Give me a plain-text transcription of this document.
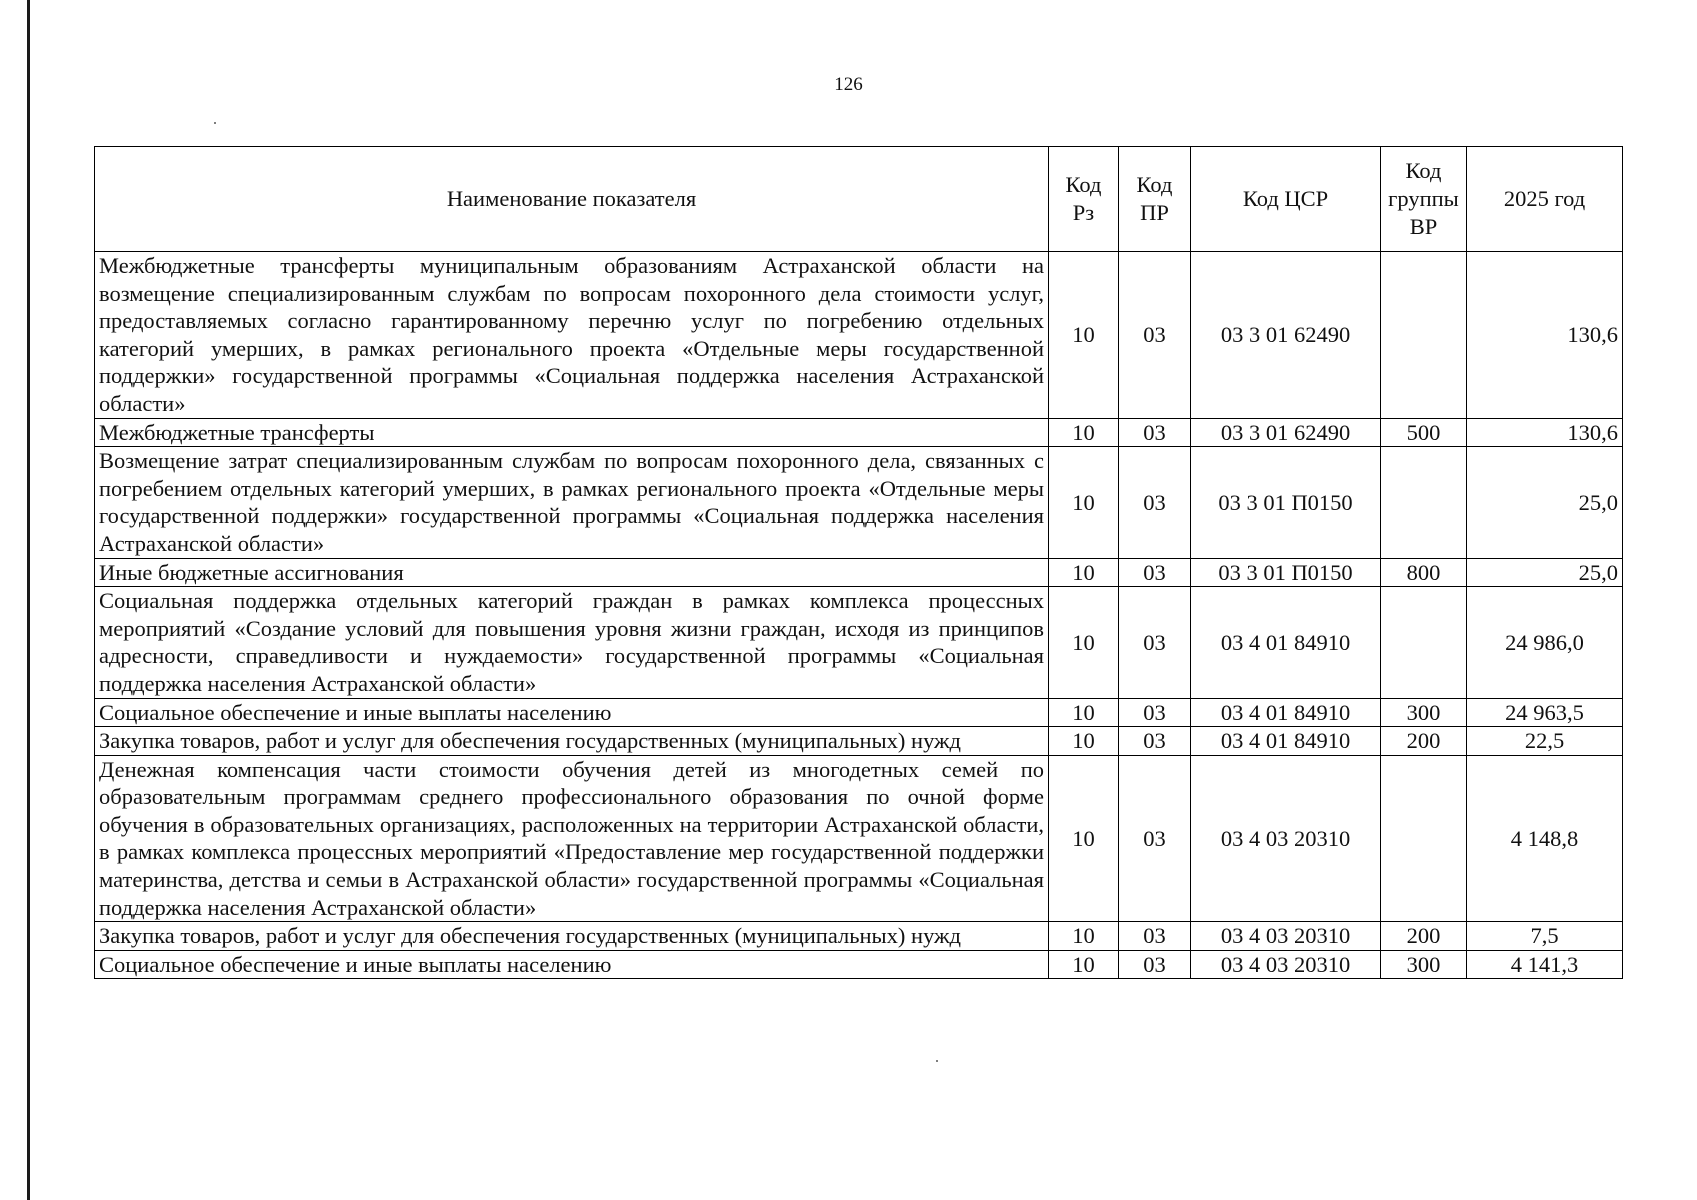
126
Наименование показателя	Код Рз	Код ПР	Код ЦСР	Код группы ВР	2025 год
Межбюджетные трансферты муниципальным образованиям Астраханской области на возмещение специализированным службам по вопросам похоронного дела стоимости услуг, предоставляемых согласно гарантированному перечню услуг по погребению отдельных категорий умерших, в рамках регионального проекта «Отдельные меры государственной поддержки» государственной программы «Социальная поддержка населения Астраханской области»	10	03	03 3 01 62490		130,6
Межбюджетные трансферты	10	03	03 3 01 62490	500	130,6
Возмещение затрат специализированным службам по вопросам похоронного дела, связанных с погребением отдельных категорий умерших, в рамках регионального проекта «Отдельные меры государственной поддержки» государственной программы «Социальная поддержка населения Астраханской области»	10	03	03 3 01 П0150		25,0
Иные бюджетные ассигнования	10	03	03 3 01 П0150	800	25,0
Социальная поддержка отдельных категорий граждан в рамках комплекса процессных мероприятий «Создание условий для повышения уровня жизни граждан, исходя из принципов адресности, справедливости и нуждаемости» государственной программы «Социальная поддержка населения Астраханской области»	10	03	03 4 01 84910		24 986,0
Социальное обеспечение и иные выплаты населению	10	03	03 4 01 84910	300	24 963,5
Закупка товаров, работ и услуг для обеспечения государственных (муниципальных) нужд	10	03	03 4 01 84910	200	22,5
Денежная компенсация части стоимости обучения детей из многодетных семей по образовательным программам среднего профессионального образования по очной форме обучения в образовательных организациях, расположенных на территории Астраханской области, в рамках комплекса процессных мероприятий «Предоставление мер государственной поддержки материнства, детства и семьи в Астраханской области» государственной программы «Социальная поддержка населения Астраханской области»	10	03	03 4 03 20310		4 148,8
Закупка товаров, работ и услуг для обеспечения государственных (муниципальных) нужд	10	03	03 4 03 20310	200	7,5
Социальное обеспечение и иные выплаты населению	10	03	03 4 03 20310	300	4 141,3
